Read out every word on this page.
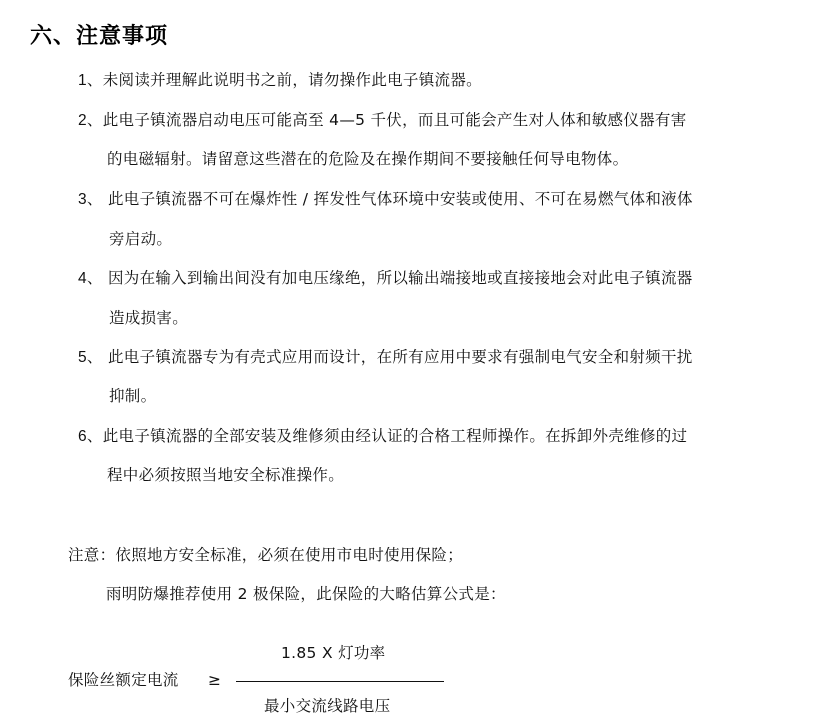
六、注意事项
1、未阅读并理解此说明书之前，请勿操作此电子镇流器。
2、此电子镇流器启动电压可能高至 4—5 千伏，而且可能会产生对人体和敏感仪器有害
的电磁辐射。请留意这些潜在的危险及在操作期间不要接触任何导电物体。
3、 此电子镇流器不可在爆炸性 / 挥发性气体环境中安装或使用、不可在易燃气体和液体
旁启动。
4、 因为在输入到输出间没有加电压缘绝，所以输出端接地或直接接地会对此电子镇流器
造成损害。
5、 此电子镇流器专为有壳式应用而设计，在所有应用中要求有强制电气安全和射频干扰
抑制。
6、此电子镇流器的全部安装及维修须由经认证的合格工程师操作。在拆卸外壳维修的过
程中必须按照当地安全标准操作。
注意：依照地方安全标准，必须在使用市电时使用保险；
雨明防爆推荐使用 2 极保险，此保险的大略估算公式是：
1.85 X 灯功率
保险丝额定电流 ≥
最小交流线路电压
